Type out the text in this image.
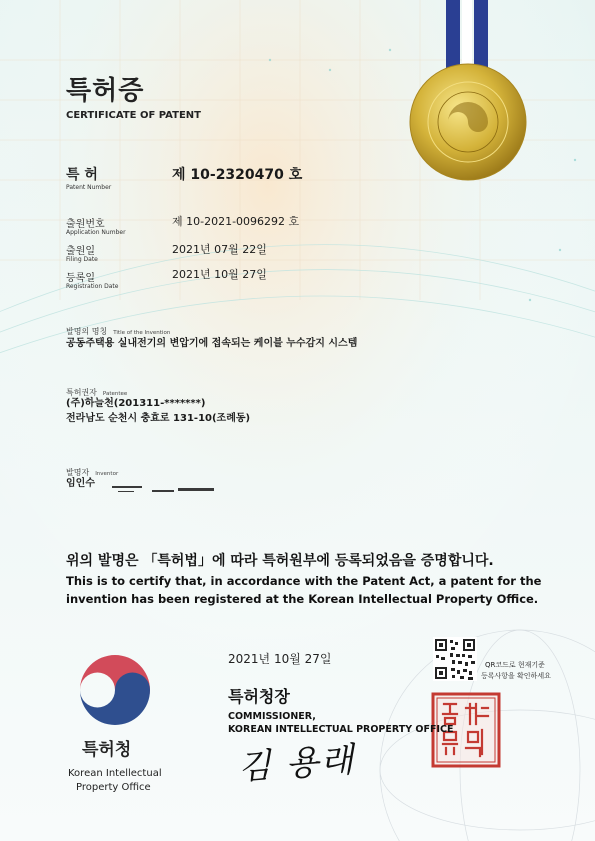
특허증
CERTIFICATE OF PATENT
특 허
Patent Number
제 10-2320470 호
출원번호
Application Number
제 10-2021-0096292 호
출원일
Filing Date
2021년 07월 22일
등록일
Registration Date
2021년 10월 27일
발명의 명칭 Title of the Invention
공동주택용 실내전기의 변압기에 접속되는 케이블 누수감지 시스템
특허권자 Patentee
(주)하늘천(201311-*******)
전라남도 순천시 충효로 131-10(조례동)
발명자 Inventor
임인수
위의 발명은 「특허법」에 따라 특허원부에 등록되었음을 증명합니다.
This is to certify that, in accordance with the Patent Act, a patent for the
invention has been registered at the Korean Intellectual Property Office.
2021년 10월 27일	QR코드로 현재기준
등록사항을 확인하세요
특허청장
COMMISSIONER,
KOREAN INTELLECTUAL PROPERTY OFFICE
김 용래
특허청
Korean Intellectual
Property Office
